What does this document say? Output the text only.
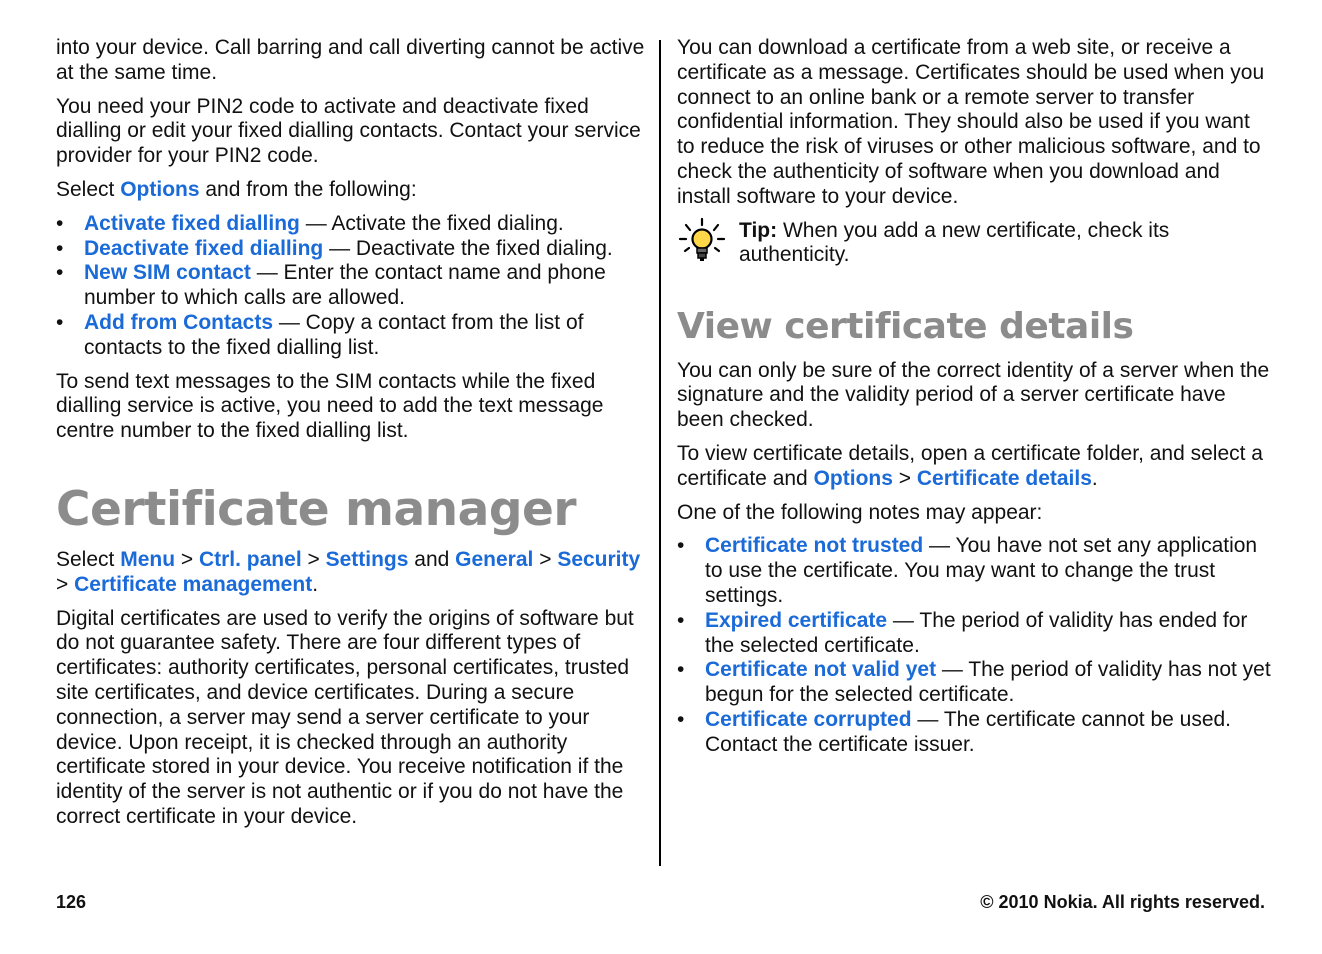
into your device. Call barring and call diverting cannot be active at the same time.

You need your PIN2 code to activate and deactivate fixed dialling or edit your fixed dialling contacts. Contact your service provider for your PIN2 code.

Select Options and from the following:

• Activate fixed dialling — Activate the fixed dialing.
• Deactivate fixed dialling — Deactivate the fixed dialing.
• New SIM contact — Enter the contact name and phone number to which calls are allowed.
• Add from Contacts — Copy a contact from the list of contacts to the fixed dialling list.

To send text messages to the SIM contacts while the fixed dialling service is active, you need to add the text message centre number to the fixed dialling list.

Certificate manager

Select Menu > Ctrl. panel > Settings and General > Security > Certificate management.

Digital certificates are used to verify the origins of software but do not guarantee safety. There are four different types of certificates: authority certificates, personal certificates, trusted site certificates, and device certificates. During a secure connection, a server may send a server certificate to your device. Upon receipt, it is checked through an authority certificate stored in your device. You receive notification if the identity of the server is not authentic or if you do not have the correct certificate in your device.

You can download a certificate from a web site, or receive a certificate as a message. Certificates should be used when you connect to an online bank or a remote server to transfer confidential information. They should also be used if you want to reduce the risk of viruses or other malicious software, and to check the authenticity of software when you download and install software to your device.

Tip: When you add a new certificate, check its authenticity.
View certificate details

You can only be sure of the correct identity of a server when the signature and the validity period of a server certificate have been checked.

To view certificate details, open a certificate folder, and select a certificate and Options > Certificate details.

One of the following notes may appear:

• Certificate not trusted — You have not set any application to use the certificate. You may want to change the trust settings.
• Expired certificate — The period of validity has ended for the selected certificate.
• Certificate not valid yet — The period of validity has not yet begun for the selected certificate.
• Certificate corrupted — The certificate cannot be used. Contact the certificate issuer.
126	© 2010 Nokia. All rights reserved.
